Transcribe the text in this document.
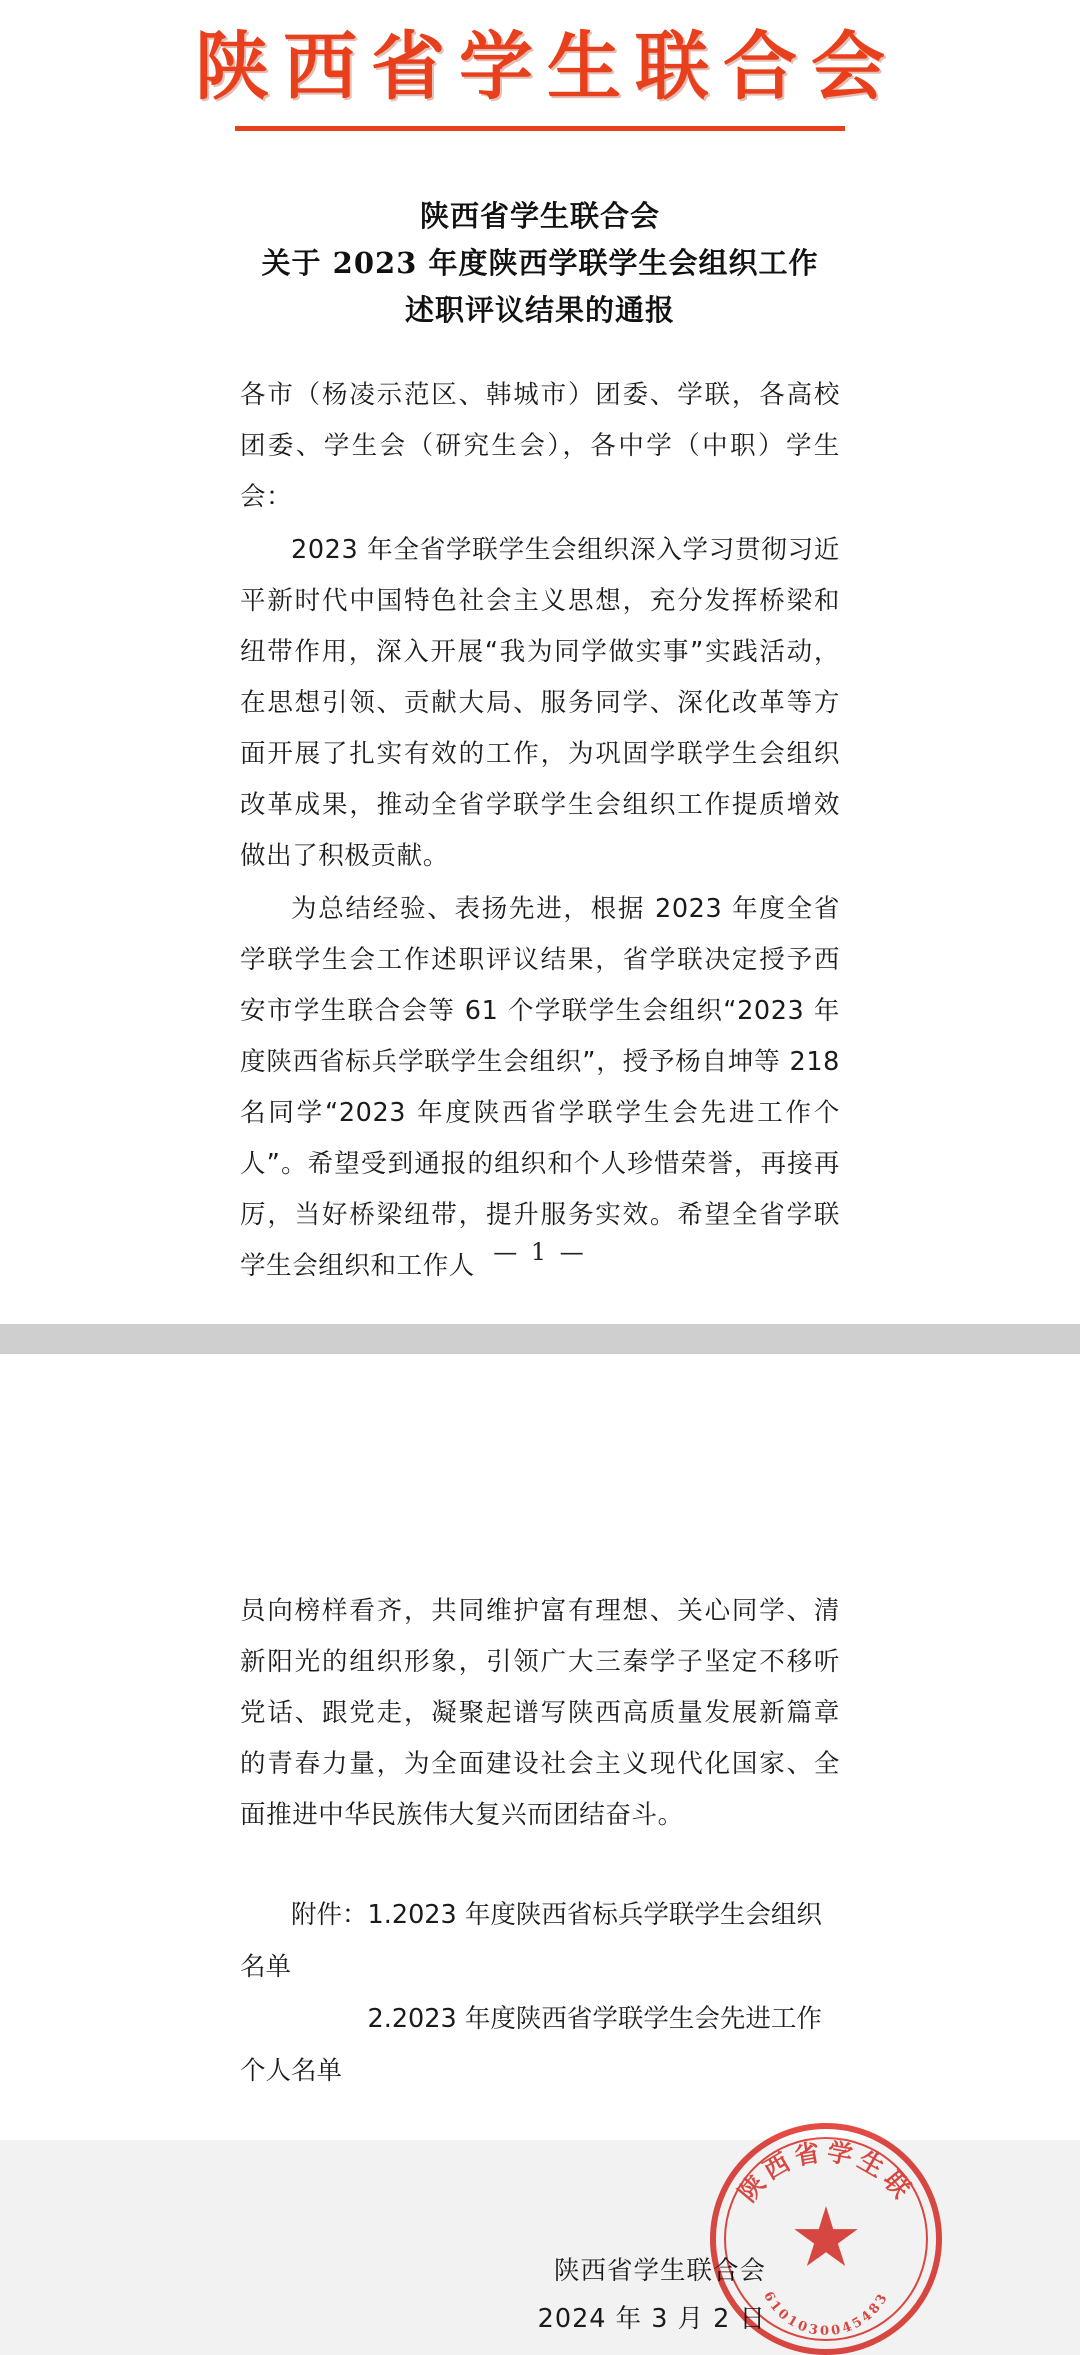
陕西省学生联合会
陕西省学生联合会
关于 2023 年度陕西学联学生会组织工作
述职评议结果的通报

各市（杨凌示范区、韩城市）团委、学联，各高校团委、学生会（研究生会），各中学（中职）学生会：

2023 年全省学联学生会组织深入学习贯彻习近平新时代中国特色社会主义思想，充分发挥桥梁和纽带作用，深入开展“我为同学做实事”实践活动，在思想引领、贡献大局、服务同学、深化改革等方面开展了扎实有效的工作，为巩固学联学生会组织改革成果，推动全省学联学生会组织工作提质增效做出了积极贡献。

为总结经验、表扬先进，根据 2023 年度全省学联学生会工作述职评议结果，省学联决定授予西安市学生联合会等 61 个学联学生会组织“2023 年度陕西省标兵学联学生会组织”，授予杨自坤等 218 名同学“2023 年度陕西省学联学生会先进工作个人”。希望受到通报的组织和个人珍惜荣誉，再接再厉，当好桥梁纽带，提升服务实效。希望全省学联学生会组织和工作人 — 1 —

员向榜样看齐，共同维护富有理想、关心同学、清新阳光的组织形象，引领广大三秦学子坚定不移听党话、跟党走，凝聚起谱写陕西高质量发展新篇章的青春力量，为全面建设社会主义现代化国家、全面推进中华民族伟大复兴而团结奋斗。

附件：1.2023 年度陕西省标兵学联学生会组织名单
2.2023 年度陕西省学联学生会先进工作个人名单
陕西省学生联
6101030045483
陕西省学生联合会
2024 年 3 月 2 日
